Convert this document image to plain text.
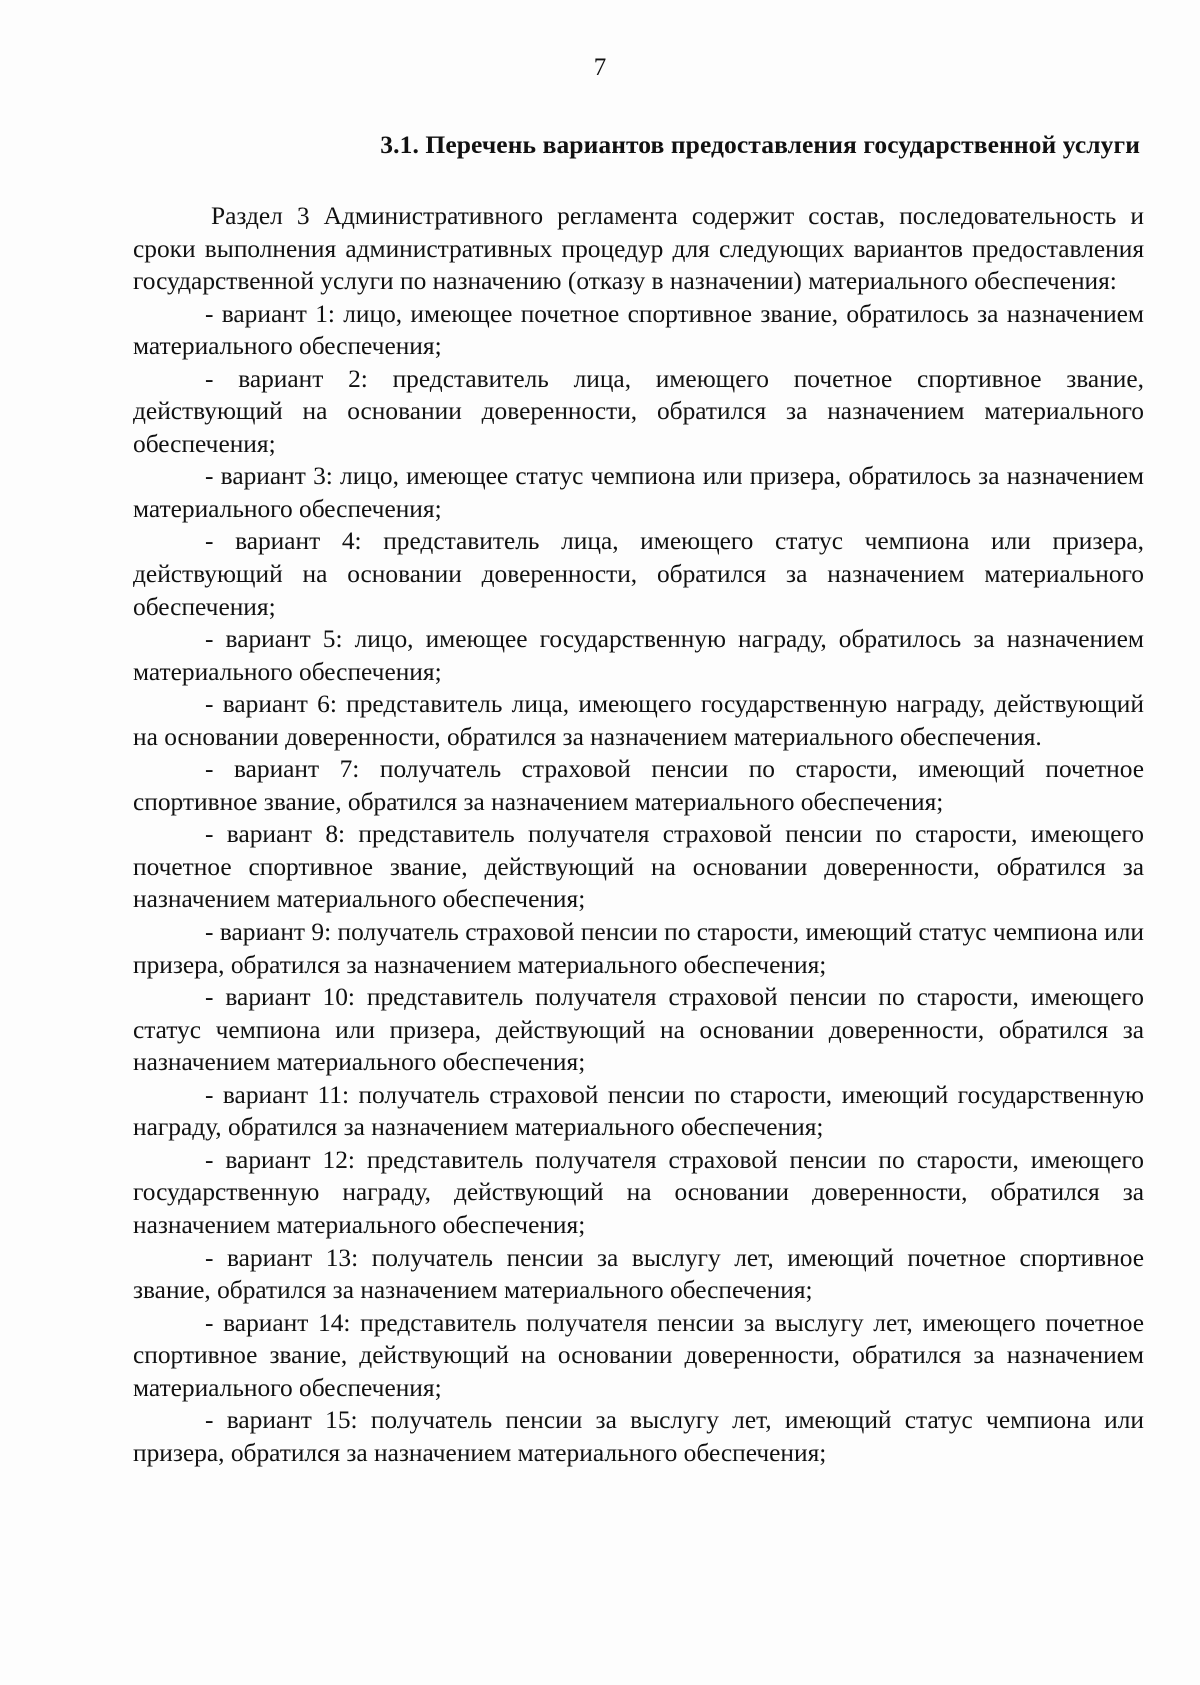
7
3.1. Перечень вариантов предоставления государственной услуги

Раздел 3 Административного регламента содержит состав, последовательность и сроки выполнения административных процедур для следующих вариантов предоставления государственной услуги по назначению (отказу в назначении) материального обеспечения:

- вариант 1: лицо, имеющее почетное спортивное звание, обратилось за назначением материального обеспечения;

- вариант 2: представитель лица, имеющего почетное спортивное звание, действующий на основании доверенности, обратился за назначением материального обеспечения;

- вариант 3: лицо, имеющее статус чемпиона или призера, обратилось за назначением материального обеспечения;

- вариант 4: представитель лица, имеющего статус чемпиона или призера, действующий на основании доверенности, обратился за назначением материального обеспечения;

- вариант 5: лицо, имеющее государственную награду, обратилось за назначением материального обеспечения;

- вариант 6: представитель лица, имеющего государственную награду, действующий на основании доверенности, обратился за назначением материального обеспечения.

- вариант 7: получатель страховой пенсии по старости, имеющий почетное спортивное звание, обратился за назначением материального обеспечения;

- вариант 8: представитель получателя страховой пенсии по старости, имеющего почетное спортивное звание, действующий на основании доверенности, обратился за назначением материального обеспечения;

- вариант 9: получатель страховой пенсии по старости, имеющий статус чемпиона или призера, обратился за назначением материального обеспечения;

- вариант 10: представитель получателя страховой пенсии по старости, имеющего статус чемпиона или призера, действующий на основании доверенности, обратился за назначением материального обеспечения;

- вариант 11: получатель страховой пенсии по старости, имеющий государственную награду, обратился за назначением материального обеспечения;

- вариант 12: представитель получателя страховой пенсии по старости, имеющего государственную награду, действующий на основании доверенности, обратился за назначением материального обеспечения;

- вариант 13: получатель пенсии за выслугу лет, имеющий почетное спортивное звание, обратился за назначением материального обеспечения;

- вариант 14: представитель получателя пенсии за выслугу лет, имеющего почетное спортивное звание, действующий на основании доверенности, обратился за назначением материального обеспечения;

- вариант 15: получатель пенсии за выслугу лет, имеющий статус чемпиона или призера, обратился за назначением материального обеспечения;
